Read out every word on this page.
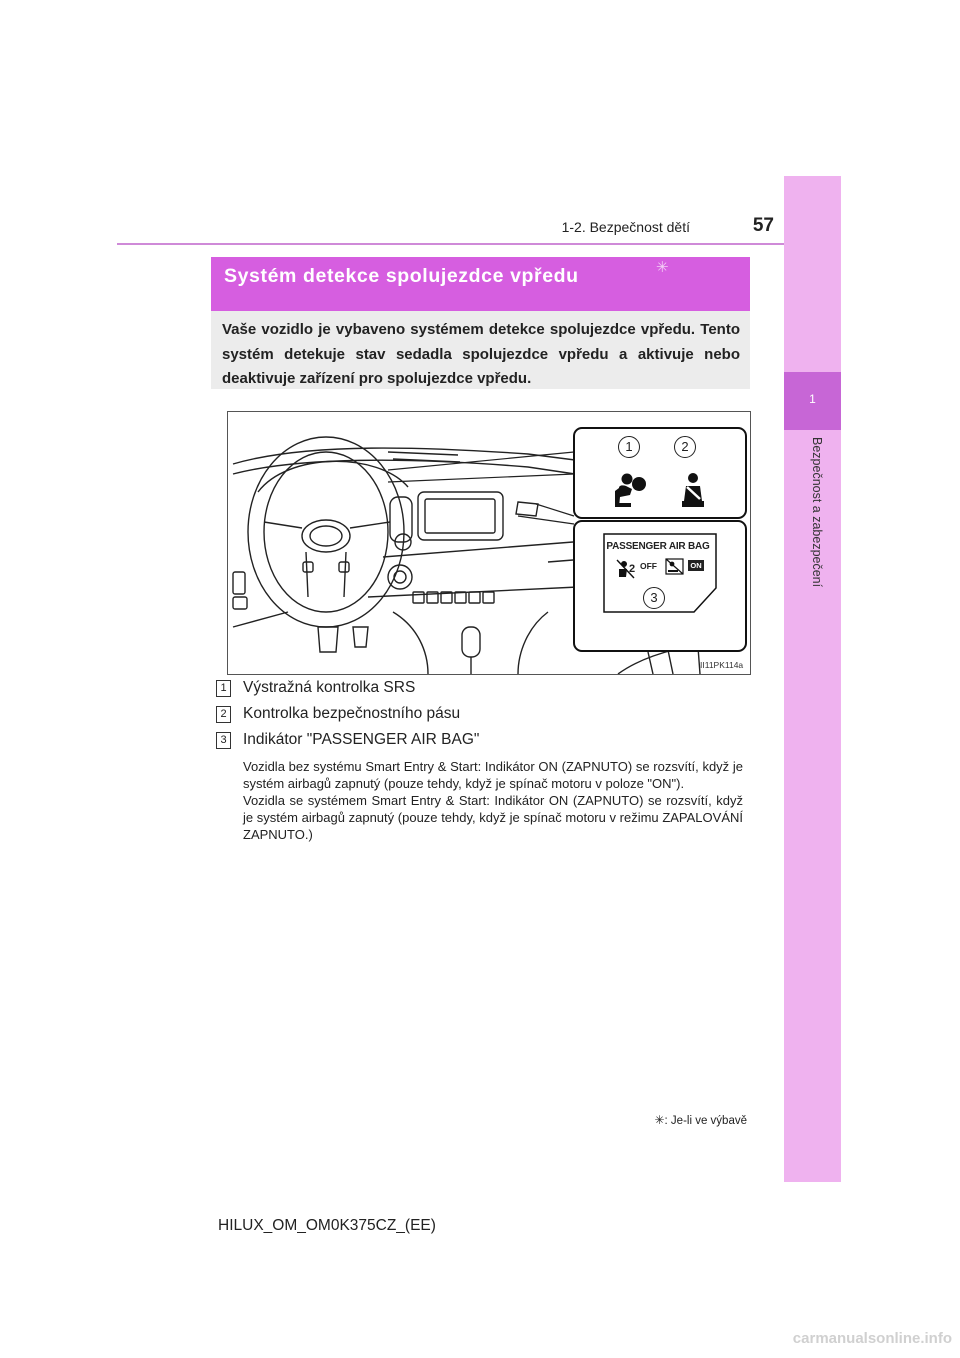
1-2. Bezpečnost dětí	57
1
Bezpečnost a zabezpečení
Systém detekce spolujezdce vpředu	✳
Vaše vozidlo je vybaveno systémem detekce spolujezdce vpředu. Tento systém detekuje stav sedadla spolujezdce vpředu a aktivuje nebo deaktivuje zařízení pro spolujezdce vpředu.
1	2
PASSENGER AIR BAG
OFF	ON
2
3
II11PK114a
1 Výstražná kontrolka SRS
2 Kontrolka bezpečnostního pásu
3 Indikátor "PASSENGER AIR BAG"

Vozidla bez systému Smart Entry & Start: Indikátor ON (ZAPNUTO) se rozsvítí, když je systém airbagů zapnutý (pouze tehdy, když je spínač motoru v poloze "ON").

Vozidla se systémem Smart Entry & Start: Indikátor ON (ZAPNUTO) se rozsvítí, když je systém airbagů zapnutý (pouze tehdy, když je spínač motoru v režimu ZAPALOVÁNÍ ZAPNUTO.)

✳: Je-li ve výbavě
HILUX_OM_OM0K375CZ_(EE)
carmanualsonline.info
